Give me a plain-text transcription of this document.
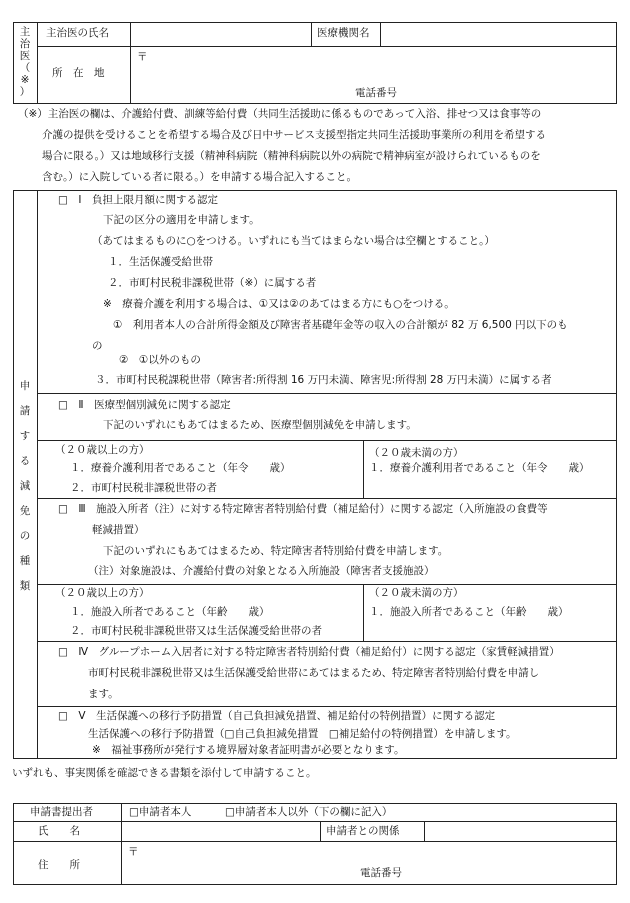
主
治
医
（
※
）
主治医の氏名	医療機関名
所　在　地
〒
電話番号
（※）主治医の欄は、介護給付費、訓練等給付費（共同生活援助に係るものであって入浴、排せつ又は食事等の
介護の提供を受けることを希望する場合及び日中サービス支援型指定共同生活援助事業所の利用を希望する
場合に限る。）又は地域移行支援（精神科病院（精神科病院以外の病院で精神病室が設けられているものを
含む。）に入院している者に限る。）を申請する場合記入すること。
申
請
す
る
減
免
の
種
類
□　Ⅰ　負担上限月額に関する認定
下記の区分の適用を申請します。
（あてはまるものに○をつける。いずれにも当てはまらない場合は空欄とすること。）
１．生活保護受給世帯
２．市町村民税非課税世帯（※）に属する者
※　療養介護を利用する場合は、①又は②のあてはまる方にも○をつける。
①　利用者本人の合計所得金額及び障害者基礎年金等の収入の合計額が 82 万 6,500 円以下のも
の
②　①以外のもの
３．市町村民税課税世帯（障害者:所得割 16 万円未満、障害児:所得割 28 万円未満）に属する者
□　Ⅱ　医療型個別減免に関する認定
下記のいずれにもあてはまるため、医療型個別減免を申請します。
（２０歳以上の方）
１．療養介護利用者であること（年令　　歳）
２．市町村民税非課税世帯の者
（２０歳未満の方）
１．療養介護利用者であること（年令　　歳）
□　Ⅲ　施設入所者（注）に対する特定障害者特別給付費（補足給付）に関する認定（入所施設の食費等
軽減措置）
下記のいずれにもあてはまるため、特定障害者特別給付費を申請します。
（注）対象施設は、介護給付費の対象となる入所施設（障害者支援施設）
（２０歳以上の方）
１．施設入所者であること（年齢　　歳）
２．市町村民税非課税世帯又は生活保護受給世帯の者
（２０歳未満の方）
１．施設入所者であること（年齢　　歳）
□　Ⅳ　グループホーム入居者に対する特定障害者特別給付費（補足給付）に関する認定（家賃軽減措置）
市町村民税非課税世帯又は生活保護受給世帯にあてはまるため、特定障害者特別給付費を申請し
ます。
□　Ⅴ　生活保護への移行予防措置（自己負担減免措置、補足給付の特例措置）に関する認定
生活保護への移行予防措置（□自己負担減免措置　□補足給付の特例措置）を申請します。
※　福祉事務所が発行する境界層対象者証明書が必要となります。
いずれも、事実関係を確認できる書類を添付して申請すること。
申請書提出者	□申請者本人	□申請者本人以外（下の欄に記入）
氏　　名	申請者との関係
住　　所
〒
電話番号
